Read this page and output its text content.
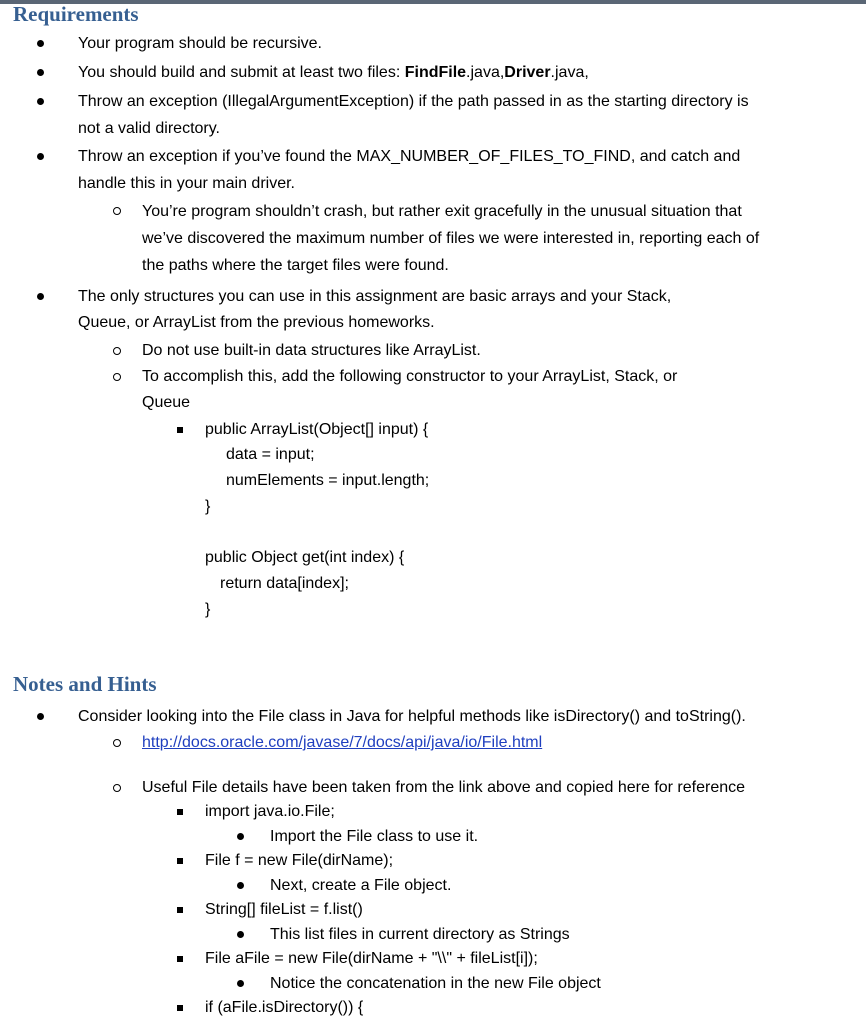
Requirements
Your program should be recursive.
You should build and submit at least two files: FindFile.java,Driver.java,
Throw an exception (IllegalArgumentException) if the path passed in as the starting directory is
not a valid directory.
Throw an exception if you’ve found the MAX_NUMBER_OF_FILES_TO_FIND, and catch and
handle this in your main driver.
You’re program shouldn’t crash, but rather exit gracefully in the unusual situation that
we’ve discovered the maximum number of files we were interested in, reporting each of
the paths where the target files were found.
The only structures you can use in this assignment are basic arrays and your Stack,
Queue, or ArrayList from the previous homeworks.
Do not use built-in data structures like ArrayList.
To accomplish this, add the following constructor to your ArrayList, Stack, or
Queue
public ArrayList(Object[] input) {
data = input;
numElements = input.length;
}
public Object get(int index) {
return data[index];
}
Notes and Hints
Consider looking into the File class in Java for helpful methods like isDirectory() and toString().
http://docs.oracle.com/javase/7/docs/api/java/io/File.html
Useful File details have been taken from the link above and copied here for reference
import java.io.File;
Import the File class to use it.
File f = new File(dirName);
Next, create a File object.
String[] fileList = f.list()
This list files in current directory as Strings
File aFile = new File(dirName + "\\" + fileList[i]);
Notice the concatenation in the new File object
if (aFile.isDirectory()) {
